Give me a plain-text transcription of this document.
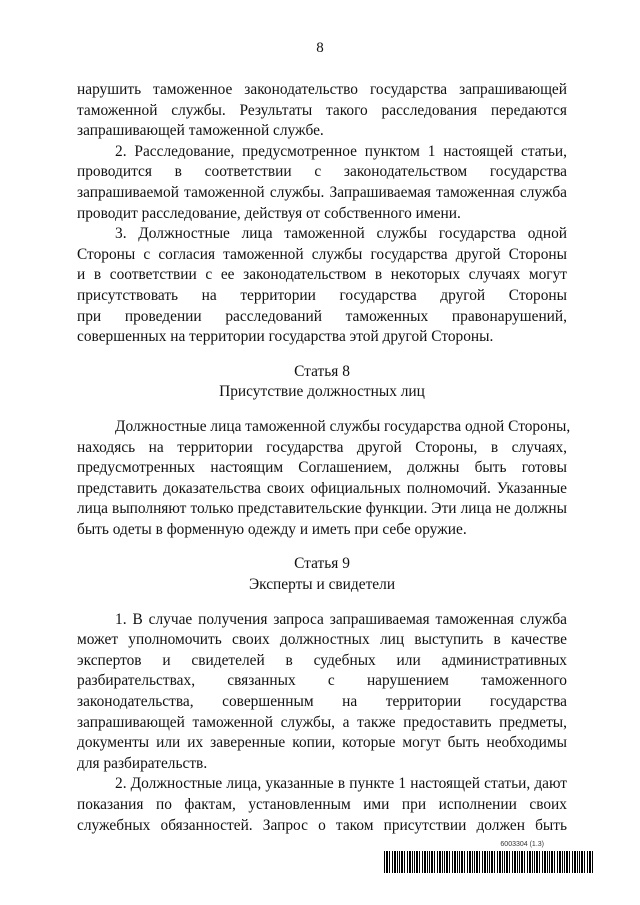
8
нарушить таможенное законодательство государства запрашивающей
таможенной службы. Результаты такого расследования передаются
запрашивающей таможенной службе.
2. Расследование, предусмотренное пунктом 1 настоящей статьи,
проводится в соответствии с законодательством государства
запрашиваемой таможенной службы. Запрашиваемая таможенная служба
проводит расследование, действуя от собственного имени.
3. Должностные лица таможенной службы государства одной
Стороны с согласия таможенной службы государства другой Стороны
и в соответствии с ее законодательством в некоторых случаях могут
присутствовать на территории государства другой Стороны
при проведении расследований таможенных правонарушений,
совершенных на территории государства этой другой Стороны.
Статья 8
Присутствие должностных лиц
Должностные лица таможенной службы государства одной Стороны,
находясь на территории государства другой Стороны, в случаях,
предусмотренных настоящим Соглашением, должны быть готовы
представить доказательства своих официальных полномочий. Указанные
лица выполняют только представительские функции. Эти лица не должны
быть одеты в форменную одежду и иметь при себе оружие.
Статья 9
Эксперты и свидетели
1. В случае получения запроса запрашиваемая таможенная служба
может уполномочить своих должностных лиц выступить в качестве
экспертов и свидетелей в судебных или административных
разбирательствах, связанных с нарушением таможенного
законодательства, совершенным на территории государства
запрашивающей таможенной службы, а также предоставить предметы,
документы или их заверенные копии, которые могут быть необходимы
для разбирательств.
2. Должностные лица, указанные в пункте 1 настоящей статьи, дают
показания по фактам, установленным ими при исполнении своих
служебных обязанностей. Запрос о таком присутствии должен быть
6003304 (1.3)
